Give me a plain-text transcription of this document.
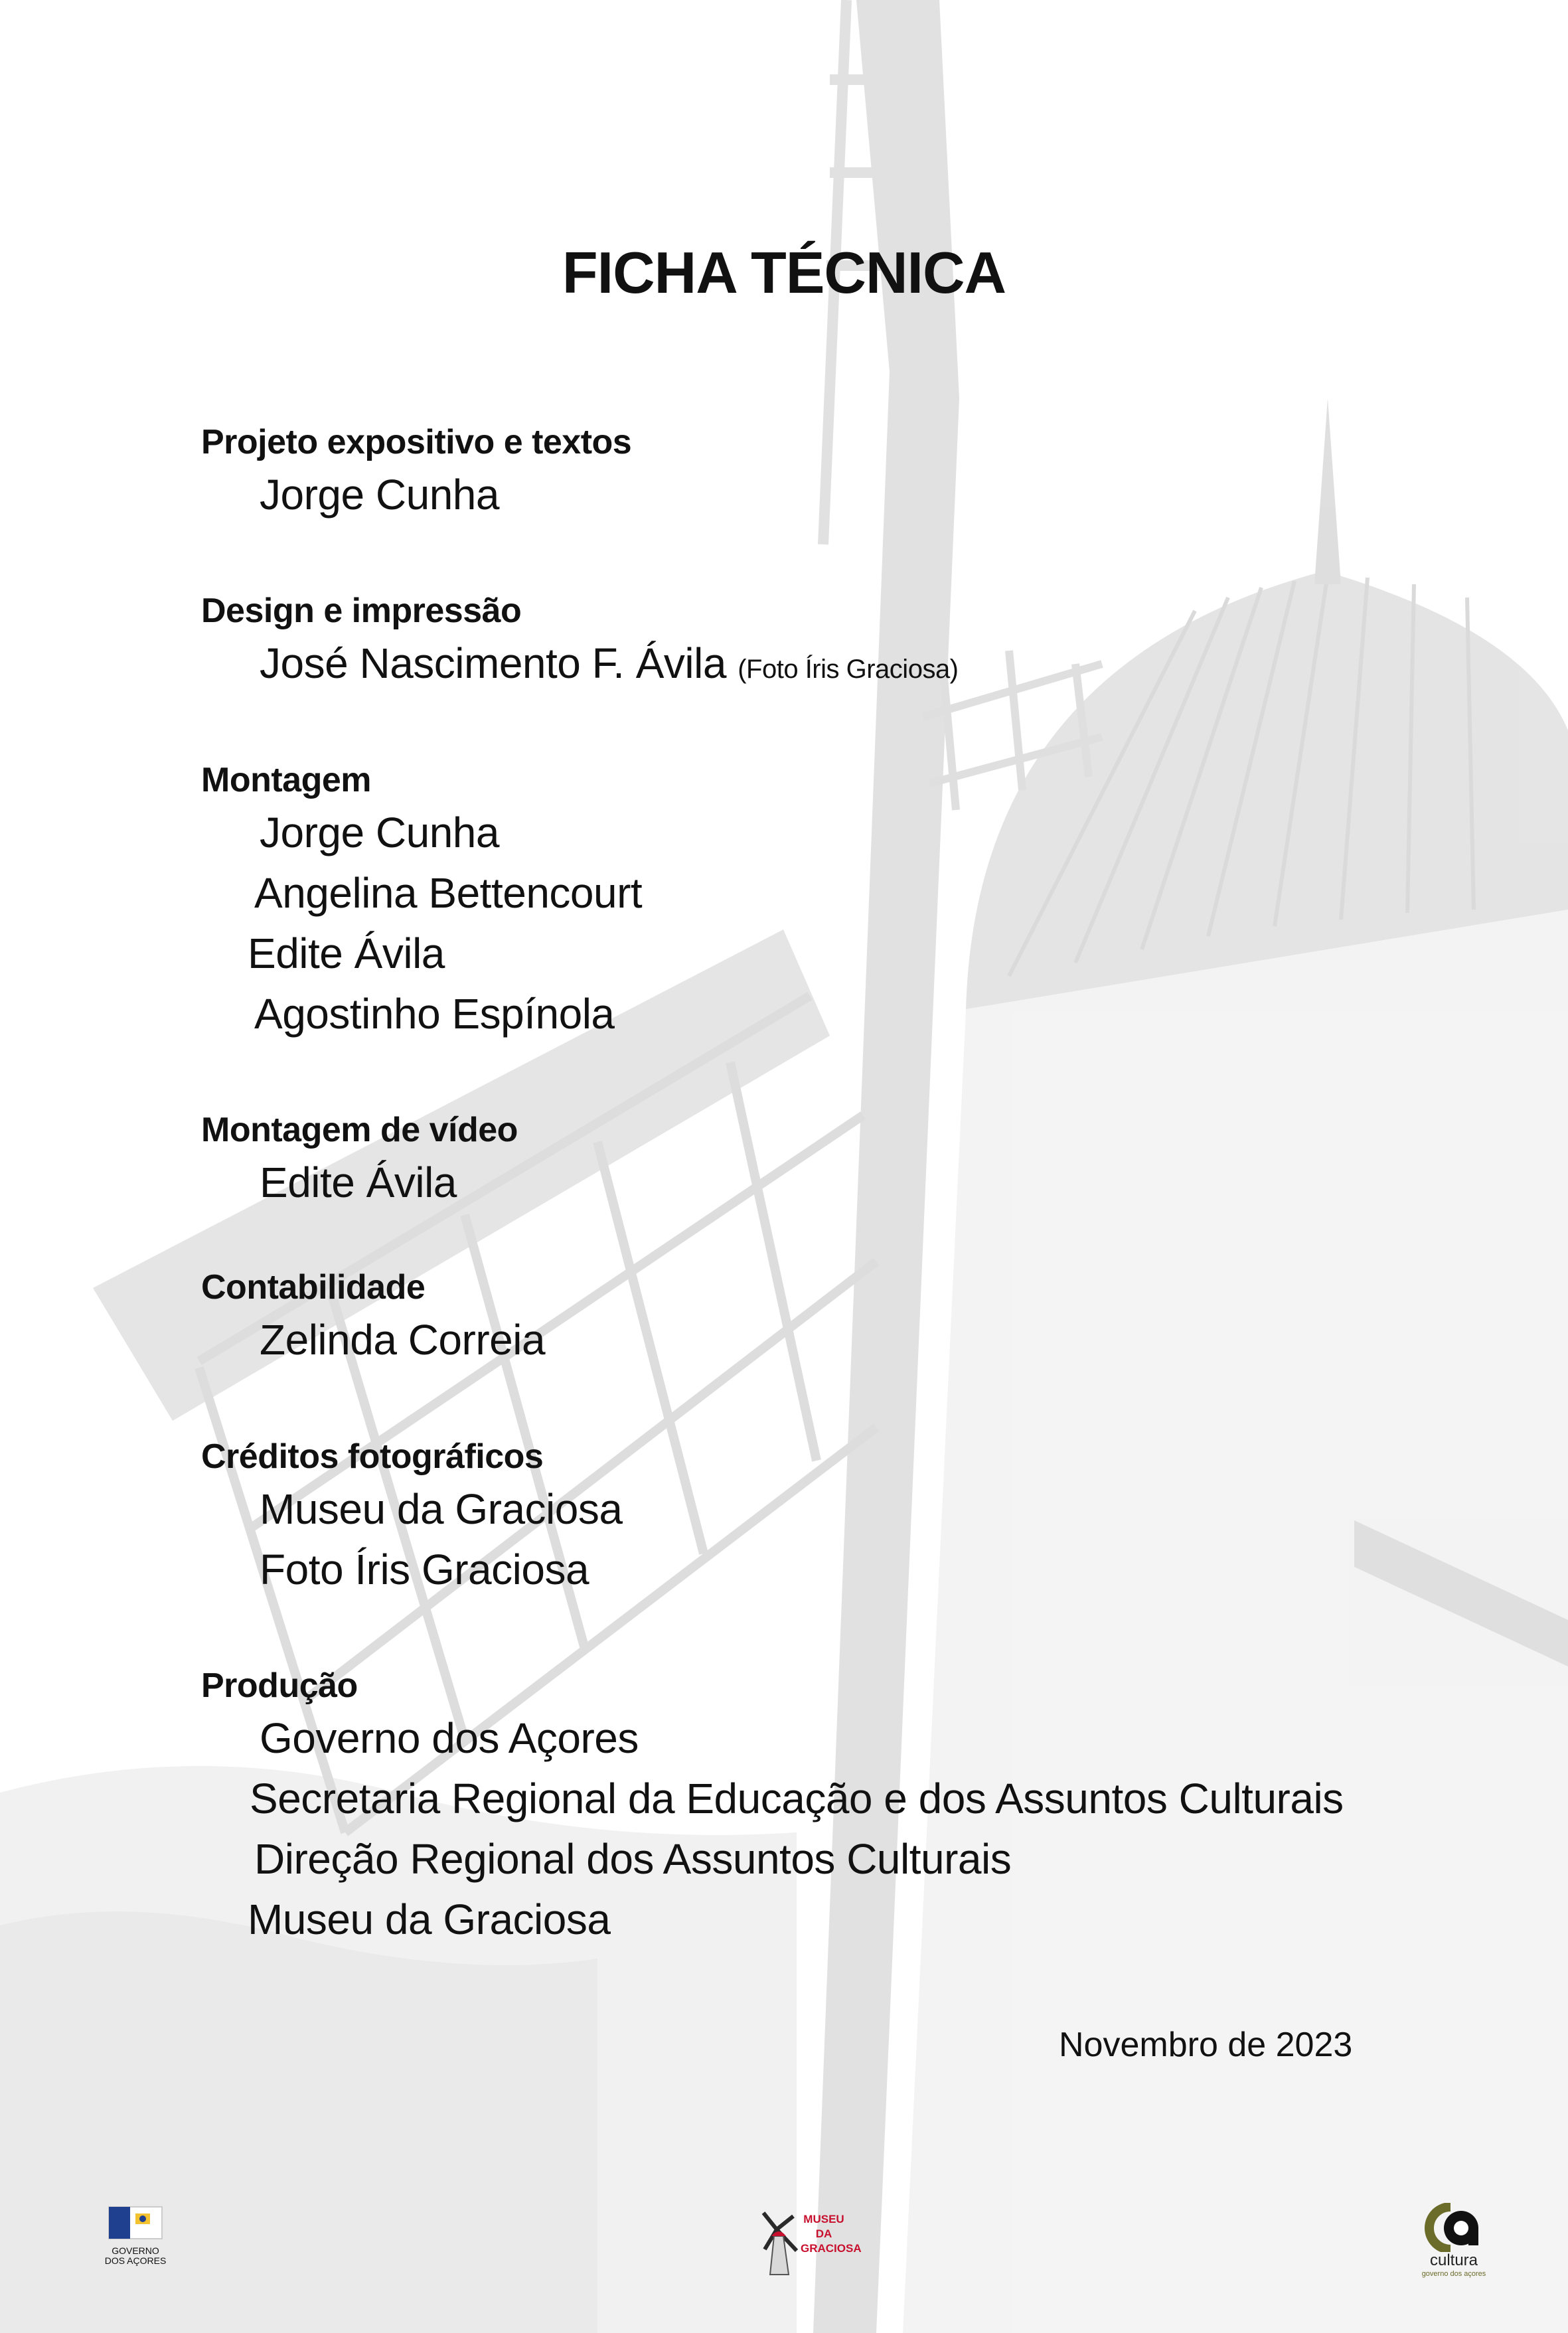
FICHA TÉCNICA
Projeto expositivo e textos
Jorge Cunha
Design e impressão
José Nascimento F. Ávila (Foto Íris Graciosa)
Montagem
Jorge Cunha
Angelina Bettencourt
Edite Ávila
Agostinho Espínola
Montagem de vídeo
Edite Ávila
Contabilidade
Zelinda Correia
Créditos fotográficos
Museu da Graciosa
Foto Íris Graciosa
Produção
Governo dos Açores
Secretaria Regional da Educação e dos Assuntos Culturais
Direção Regional dos Assuntos Culturais
Museu da Graciosa
Novembro de 2023
GOVERNO
DOS AÇORES
MUSEU
DA
GRACIOSA
cultura
governo dos açores
